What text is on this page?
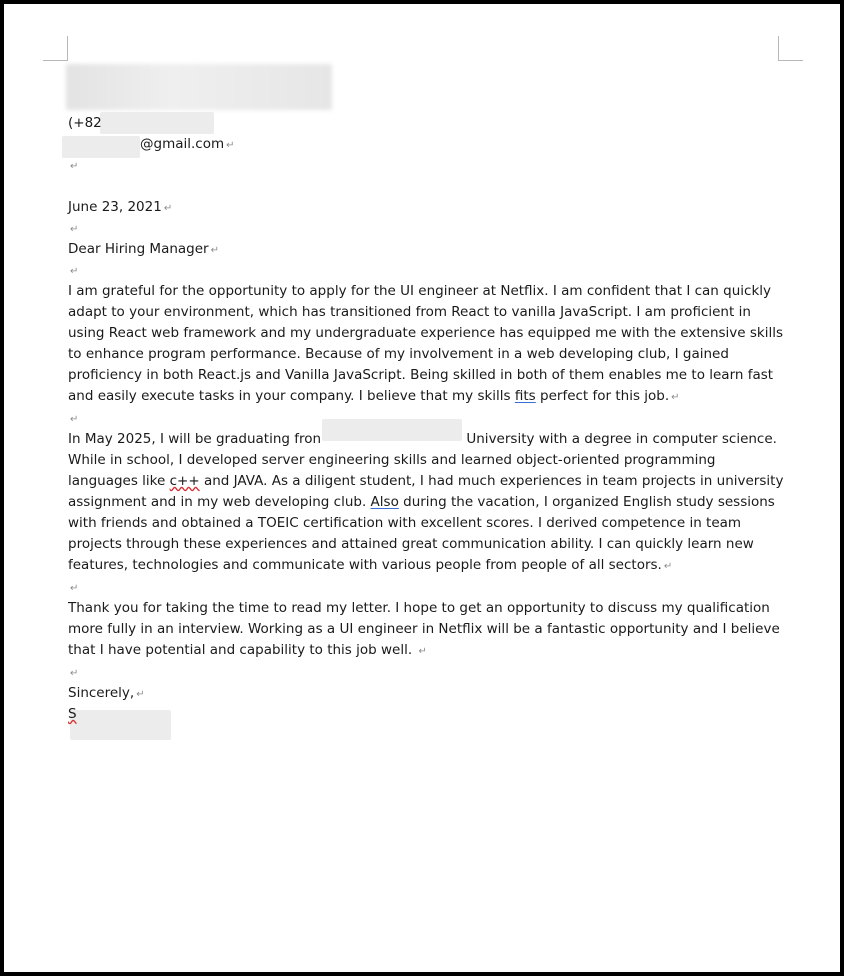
(+82
@gmail.com ↵
↵
June 23, 2021 ↵
↵
Dear Hiring Manager ↵
↵
I am grateful for the opportunity to apply for the UI engineer at Netflix. I am confident that I can quickly adapt to your environment, which has transitioned from React to vanilla JavaScript. I am proficient in using React web framework and my undergraduate experience has equipped me with the extensive skills to enhance program performance. Because of my involvement in a web developing club, I gained proficiency in both React.js and Vanilla JavaScript. Being skilled in both of them enables me to learn fast and easily execute tasks in your company. I believe that my skills fits perfect for this job. ↵
↵
In May 2025, I will be graduating fron	University with a degree in computer science. While in school, I developed server engineering skills and learned object-oriented programming languages like c++ and JAVA. As a diligent student, I had much experiences in team projects in university assignment and in my web developing club. Also during the vacation, I organized English study sessions with friends and obtained a TOEIC certification with excellent scores. I derived competence in team projects through these experiences and attained great communication ability. I can quickly learn new features, technologies and communicate with various people from people of all sectors. ↵
↵
Thank you for taking the time to read my letter. I hope to get an opportunity to discuss my qualification more fully in an interview. Working as a UI engineer in Netflix will be a fantastic opportunity and I believe that I have potential and capability to this job well. ↵
↵
Sincerely, ↵
S
